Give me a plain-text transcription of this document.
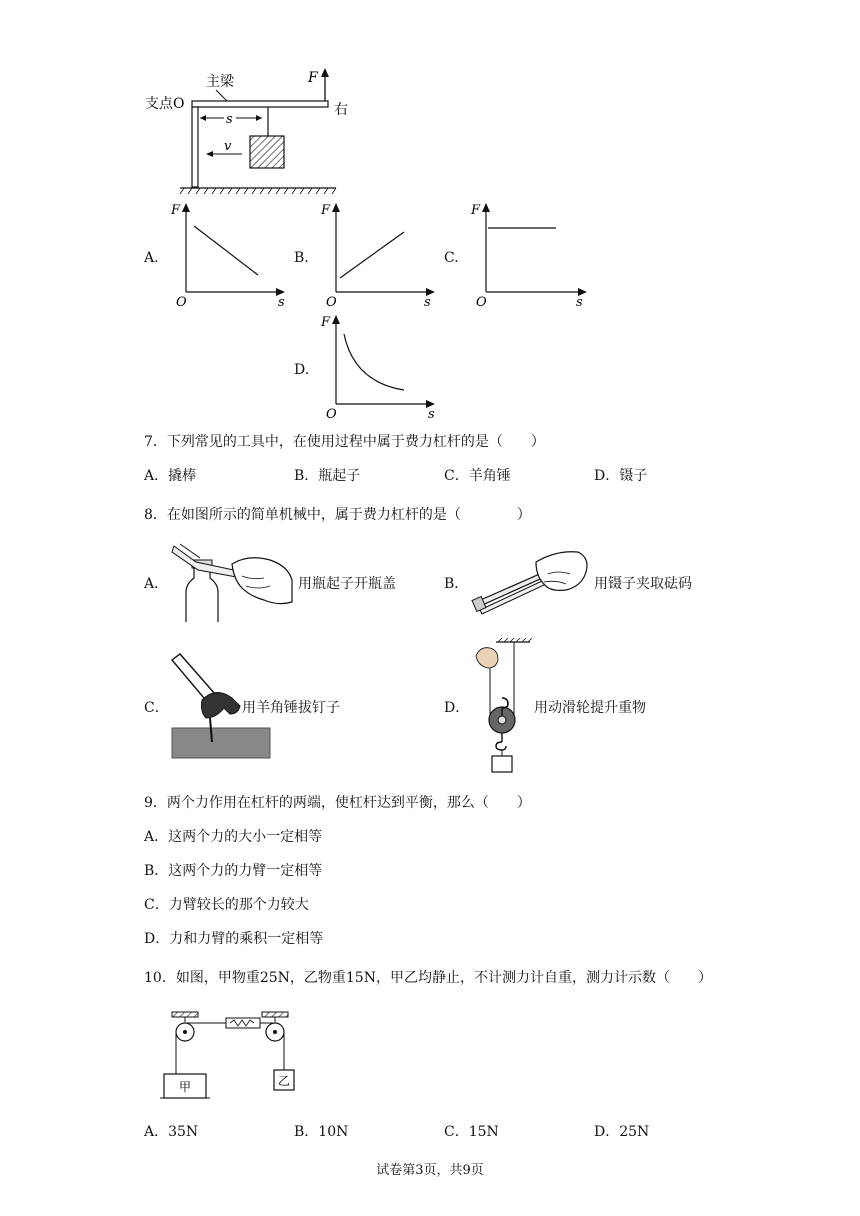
支点O
主梁	F
右
s
v
A.
F
O	s
B.
F
O	s
C.
F
O	s
D.
F
O	s
7．下列常见的工具中，在使用过程中属于费力杠杆的是（　　）
A．撬棒	B．瓶起子	C．羊角锤	D．镊子
8．在如图所示的简单机械中，属于费力杠杆的是（　　　　）
A．	用瓶起子开瓶盖	B．	用镊子夹取砝码
C．	用羊角锤拔钉子	D．	用动滑轮提升重物
9．两个力作用在杠杆的两端，使杠杆达到平衡，那么（　　）
A．这两个力的大小一定相等
B．这两个力的力臂一定相等
C．力臂较长的那个力较大
D．力和力臂的乘积一定相等
10．如图，甲物重25N，乙物重15N，甲乙均静止，不计测力计自重，测力计示数（　　）
甲	乙
A．35N	B．10N	C．15N	D．25N
试卷第3页，共9页
